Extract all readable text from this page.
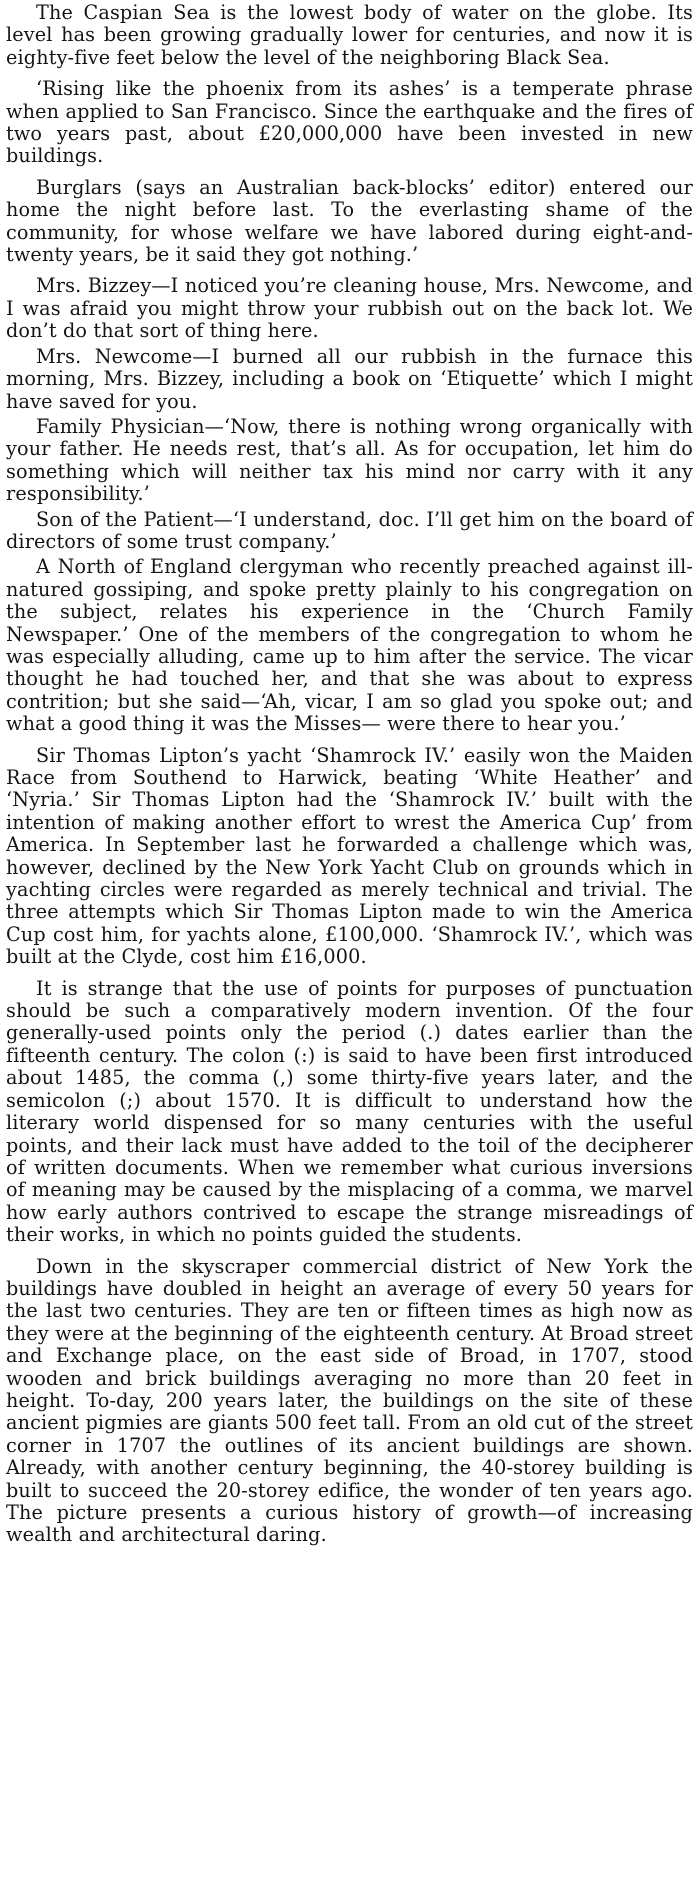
The Caspian Sea is the lowest body of water on the globe. Its level has been growing gradually lower for centuries, and now it is eighty-five feet below the level of the neighboring Black Sea.

‘Rising like the phoenix from its ashes’ is a temperate phrase when applied to San Francisco. Since the earthquake and the fires of two years past, about £20,000,000 have been invested in new buildings.

Burglars (says an Australian back-blocks’ editor) entered our home the night before last. To the everlasting shame of the community, for whose welfare we have labored during eight-and-twenty years, be it said they got nothing.’

Mrs. Bizzey—I noticed you’re cleaning house, Mrs. Newcome, and I was afraid you might throw your rubbish out on the back lot. We don’t do that sort of thing here.

Mrs. Newcome—I burned all our rubbish in the furnace this morning, Mrs. Bizzey, including a book on ‘Etiquette’ which I might have saved for you.

Family Physician—‘Now, there is nothing wrong organically with your father. He needs rest, that’s all. As for occupation, let him do something which will neither tax his mind nor carry with it any responsibility.’

Son of the Patient—‘I understand, doc. I’ll get him on the board of directors of some trust company.’

A North of England clergyman who recently preached against ill-natured gossiping, and spoke pretty plainly to his congregation on the subject, relates his experience in the ‘Church Family Newspaper.’ One of the members of the congregation to whom he was especially alluding, came up to him after the service. The vicar thought he had touched her, and that she was about to express contrition; but she said—‘Ah, vicar, I am so glad you spoke out; and what a good thing it was the Misses— were there to hear you.’

Sir Thomas Lipton’s yacht ‘Shamrock IV.’ easily won the Maiden Race from Southend to Harwick, beating ‘White Heather’ and ‘Nyria.’ Sir Thomas Lipton had the ‘Shamrock IV.’ built with the intention of making another effort to wrest the America Cup’ from America. In September last he forwarded a challenge which was, however, declined by the New York Yacht Club on grounds which in yachting circles were regarded as merely technical and trivial. The three attempts which Sir Thomas Lipton made to win the America Cup cost him, for yachts alone, £100,000. ‘Shamrock IV.’, which was built at the Clyde, cost him £16,000.

It is strange that the use of points for purposes of punctuation should be such a comparatively modern invention. Of the four generally-used points only the period (.) dates earlier than the fifteenth century. The colon (:) is said to have been first introduced about 1485, the comma (,) some thirty-five years later, and the semicolon (;) about 1570. It is difficult to understand how the literary world dispensed for so many centuries with the useful points, and their lack must have added to the toil of the decipherer of written documents. When we remember what curious inversions of meaning may be caused by the misplacing of a comma, we marvel how early authors contrived to escape the strange misreadings of their works, in which no points guided the students.

Down in the skyscraper commercial district of New York the buildings have doubled in height an average of every 50 years for the last two centuries. They are ten or fifteen times as high now as they were at the beginning of the eighteenth century. At Broad street and Exchange place, on the east side of Broad, in 1707, stood wooden and brick buildings averaging no more than 20 feet in height. To-day, 200 years later, the buildings on the site of these ancient pigmies are giants 500 feet tall. From an old cut of the street corner in 1707 the outlines of its ancient buildings are shown. Already, with another century beginning, the 40-storey building is built to succeed the 20-storey edifice, the wonder of ten years ago. The picture presents a curious history of growth—of increasing wealth and architectural daring.
